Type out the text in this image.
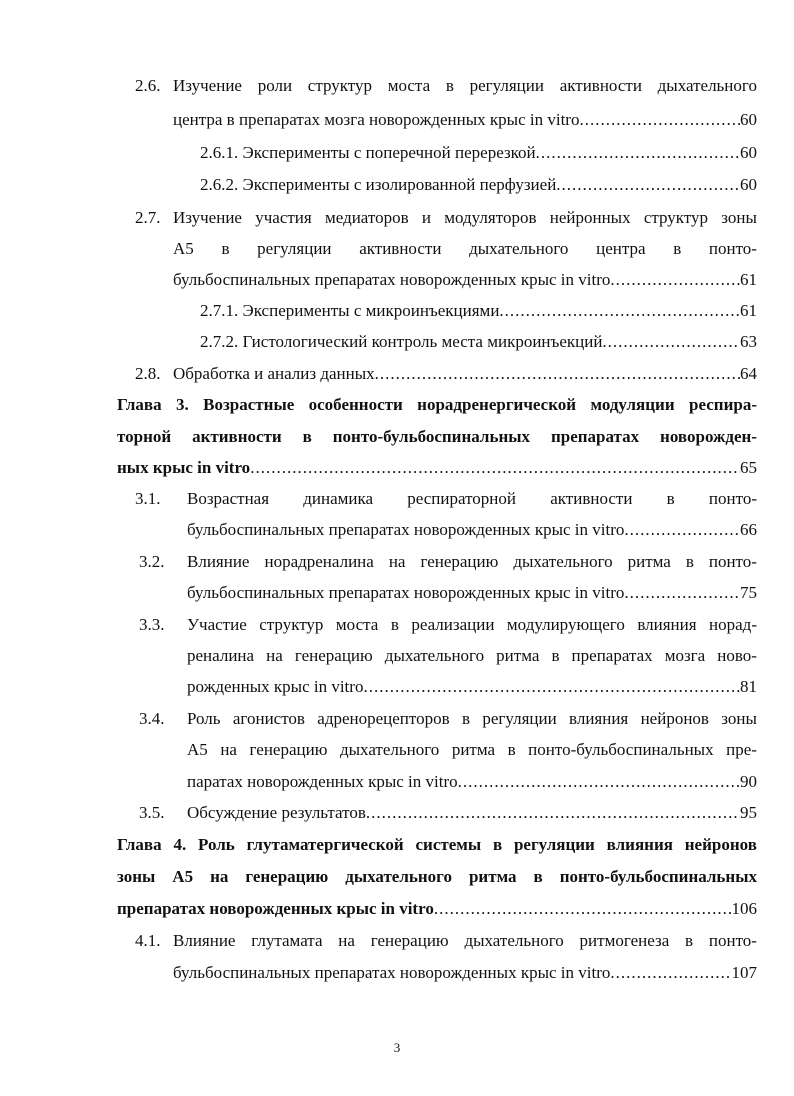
2.6. Изучение роли структур моста в регуляции активности дыхательного
центра в препаратах мозга новорожденных крыс in vitro .....	60
2.6.1. Эксперименты с поперечной перерезкой .....	60
2.6.2. Эксперименты с изолированной перфузией .....	60
2.7. Изучение участия медиаторов и модуляторов нейронных структур зоны
А5 в регуляции активности дыхательного центра в понто-
бульбоспинальных препаратах новорожденных крыс in vitro .....	61
2.7.1. Эксперименты с микроинъекциями .....	61
2.7.2. Гистологический контроль места микроинъекций .....	63
2.8. Обработка и анализ данных .....	64
Глава 3. Возрастные особенности норадренергической модуляции респира-
торной активности в понто-бульбоспинальных препаратах новорожден-
ных крыс in vitro .....	65
3.1. Возрастная динамика респираторной активности в понто-
бульбоспинальных препаратах новорожденных крыс in vitro .....	66
3.2. Влияние норадреналина на генерацию дыхательного ритма в понто-
бульбоспинальных препаратах новорожденных крыс in vitro .....	75
3.3. Участие структур моста в реализации модулирующего влияния норад-
реналина на генерацию дыхательного ритма в препаратах мозга ново-
рожденных крыс in vitro .....	81
3.4. Роль агонистов адренорецепторов в регуляции влияния нейронов зоны
А5 на генерацию дыхательного ритма в понто-бульбоспинальных пре-
паратах новорожденных крыс in vitro .....	90
3.5. Обсуждение результатов .....	95
Глава 4. Роль глутаматергической системы в регуляции влияния нейронов
зоны А5 на генерацию дыхательного ритма в понто-бульбоспинальных
препаратах новорожденных крыс in vitro .....	106
4.1. Влияние глутамата на генерацию дыхательного ритмогенеза в понто-
бульбоспинальных препаратах новорожденных крыс in vitro .....	107
3
